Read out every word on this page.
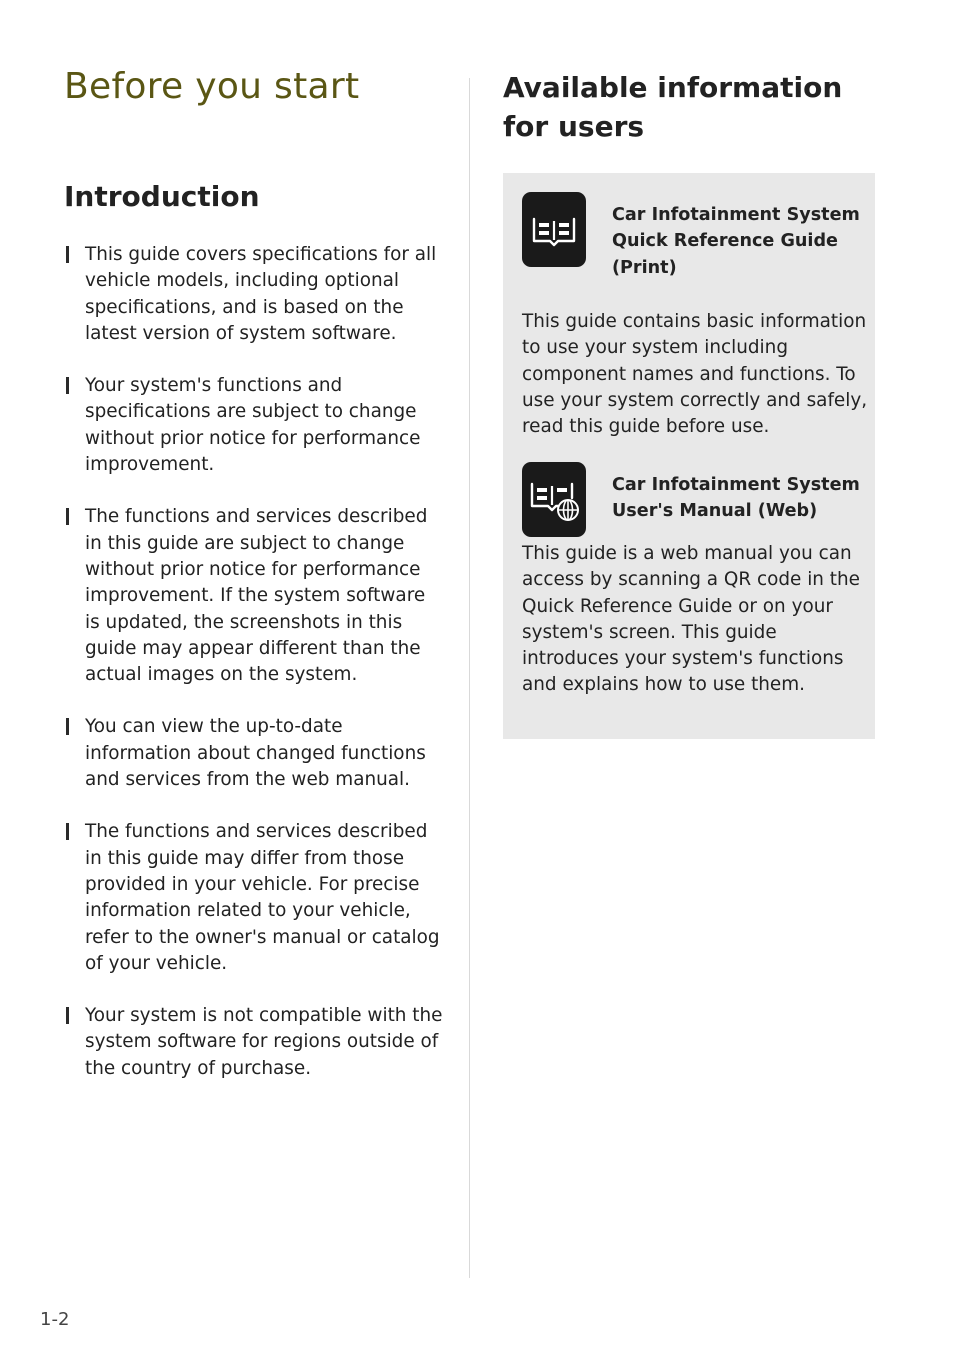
Before you start
Introduction
This guide covers specifications for all vehicle models, including optional specifications, and is based on the latest version of system software.
Your system's functions and specifications are subject to change without prior notice for performance improvement.
The functions and services described in this guide are subject to change without prior notice for performance improvement. If the system software is updated, the screenshots in this guide may appear different than the actual images on the system.
You can view the up-to-date information about changed functions and services from the web manual.
The functions and services described in this guide may differ from those provided in your vehicle. For precise information related to your vehicle, refer to the owner's manual or catalog of your vehicle.
Your system is not compatible with the system software for regions outside of the country of purchase.
Available information for users
Car Infotainment System Quick Reference Guide (Print)

This guide contains basic information to use your system including component names and functions. To use your system correctly and safely, read this guide before use.

Car Infotainment System User's Manual (Web)

This guide is a web manual you can access by scanning a QR code in the Quick Reference Guide or on your system's screen. This guide introduces your system's functions and explains how to use them.

1-2
